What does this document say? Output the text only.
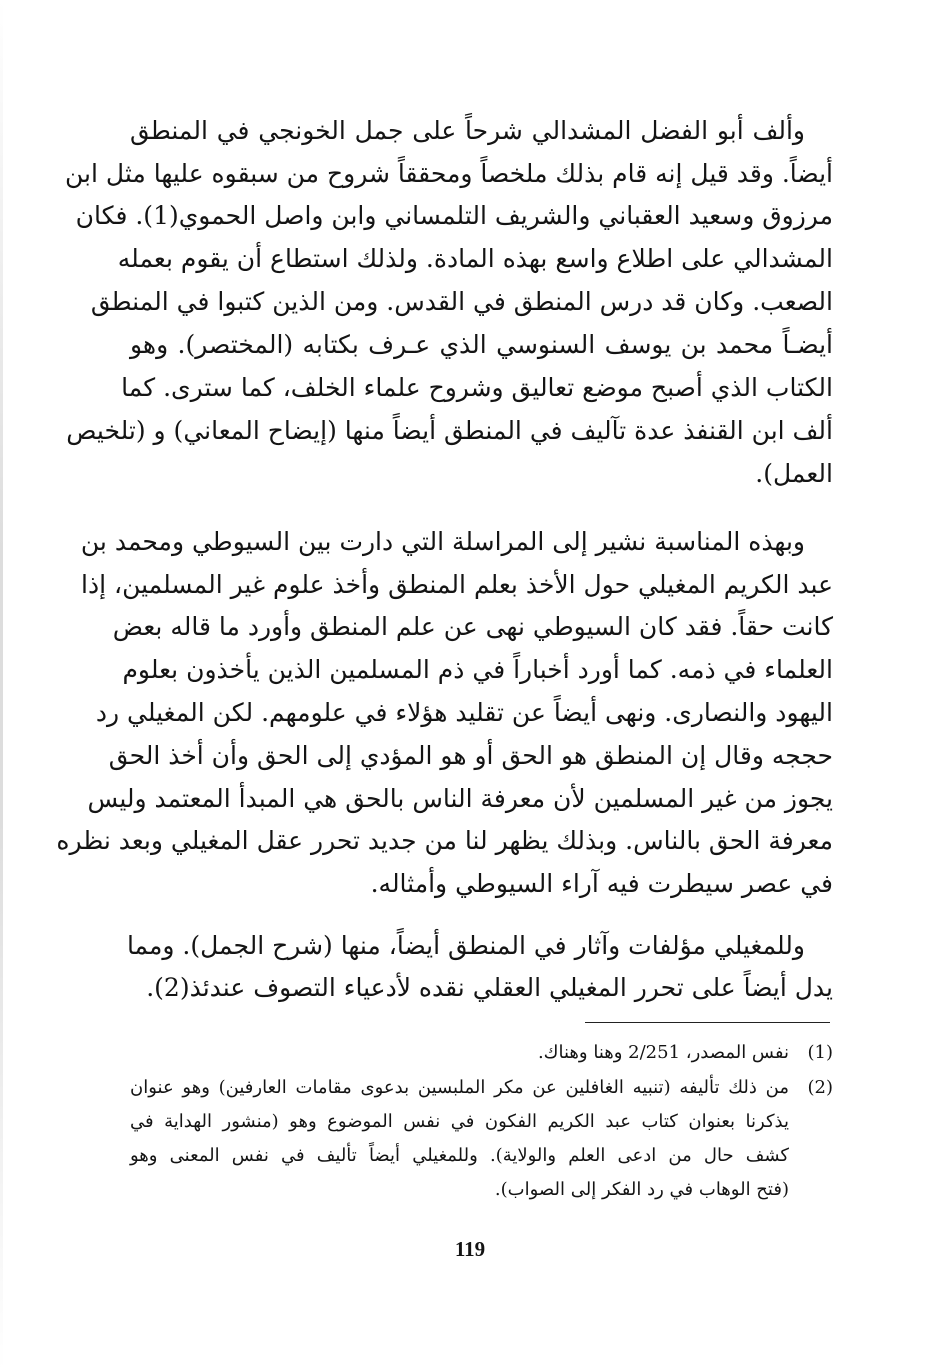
وألف أبو الفضل المشدالي شرحاً على جمل الخونجي في المنطق
أيضاً. وقد قيل إنه قام بذلك ملخصاً ومحققاً شروح من سبقوه عليها مثل ابن
مرزوق وسعيد العقباني والشريف التلمساني وابن واصل الحموي(1). فكان
المشدالي على اطلاع واسع بهذه المادة. ولذلك استطاع أن يقوم بعمله
الصعب. وكان قد درس المنطق في القدس. ومن الذين كتبوا في المنطق
أيضـاً محمد بن يوسف السنوسي الذي عـرف بكتابه (المختصر). وهو
الكتاب الذي أصبح موضع تعاليق وشروح علماء الخلف، كما سترى. كما
ألف ابن القنفذ عدة تآليف في المنطق أيضاً منها (إيضاح المعاني) و (تلخيص
العمل).
وبهذه المناسبة نشير إلى المراسلة التي دارت بين السيوطي ومحمد بن
عبد الكريم المغيلي حول الأخذ بعلم المنطق وأخذ علوم غير المسلمين، إذا
كانت حقاً. فقد كان السيوطي نهى عن علم المنطق وأورد ما قاله بعض
العلماء في ذمه. كما أورد أخباراً في ذم المسلمين الذين يأخذون بعلوم
اليهود والنصارى. ونهى أيضاً عن تقليد هؤلاء في علومهم. لكن المغيلي رد
حججه وقال إن المنطق هو الحق أو هو المؤدي إلى الحق وأن أخذ الحق
يجوز من غير المسلمين لأن معرفة الناس بالحق هي المبدأ المعتمد وليس
معرفة الحق بالناس. وبذلك يظهر لنا من جديد تحرر عقل المغيلي وبعد نظره
في عصر سيطرت فيه آراء السيوطي وأمثاله.
وللمغيلي مؤلفات وآثار في المنطق أيضاً، منها (شرح الجمل). ومما
يدل أيضاً على تحرر المغيلي العقلي نقده لأدعياء التصوف عندئذ(2).
(1)
نفس المصدر، 2/251 وهنا وهناك.
(2)
من ذلك تأليفه (تنبيه الغافلين عن مكر الملبسين بدعوى مقامات العارفين) وهو عنوان
يذكرنا بعنوان كتاب عبد الكريم الفكون في نفس الموضوع وهو (منشور الهداية في
كشف حال من ادعى العلم والولاية). وللمغيلي أيضاً تأليف في نفس المعنى وهو
(فتح الوهاب في رد الفكر إلى الصواب).
119
